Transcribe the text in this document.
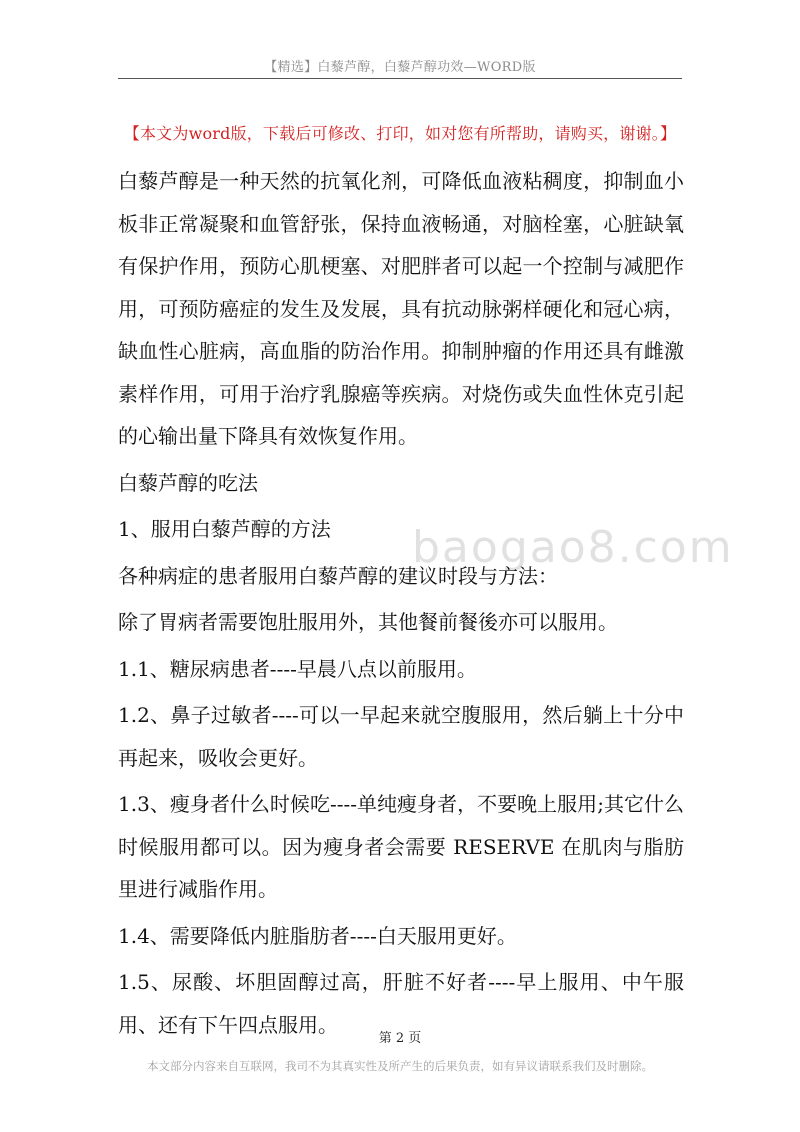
【精选】白藜芦醇，白藜芦醇功效—WORD版
【本文为word版，下载后可修改、打印，如对您有所帮助，请购买，谢谢。】
baogao8.com

白藜芦醇是一种天然的抗氧化剂，可降低血液粘稠度，抑制血小板非正常凝聚和血管舒张，保持血液畅通，对脑栓塞，心脏缺氧有保护作用，预防心肌梗塞、对肥胖者可以起一个控制与减肥作用，可预防癌症的发生及发展，具有抗动脉粥样硬化和冠心病，缺血性心脏病，高血脂的防治作用。抑制肿瘤的作用还具有雌激素样作用，可用于治疗乳腺癌等疾病。对烧伤或失血性休克引起的心输出量下降具有效恢复作用。

白藜芦醇的吃法

1、服用白藜芦醇的方法

各种病症的患者服用白藜芦醇的建议时段与方法：

除了胃病者需要饱肚服用外，其他餐前餐後亦可以服用。

1.1、糖尿病患者----早晨八点以前服用。

1.2、鼻子过敏者----可以一早起来就空腹服用，然后躺上十分中再起来，吸收会更好。

1.3、瘦身者什么时候吃----单纯瘦身者，不要晚上服用;其它什么时候服用都可以。因为瘦身者会需要 RESERVE 在肌肉与脂肪里进行减脂作用。

1.4、需要降低内脏脂肪者----白天服用更好。

1.5、尿酸、坏胆固醇过高，肝脏不好者----早上服用、中午服用、还有下午四点服用。

第 2 页
本文部分内容来自互联网，我司不为其真实性及所产生的后果负责，如有异议请联系我们及时删除。
